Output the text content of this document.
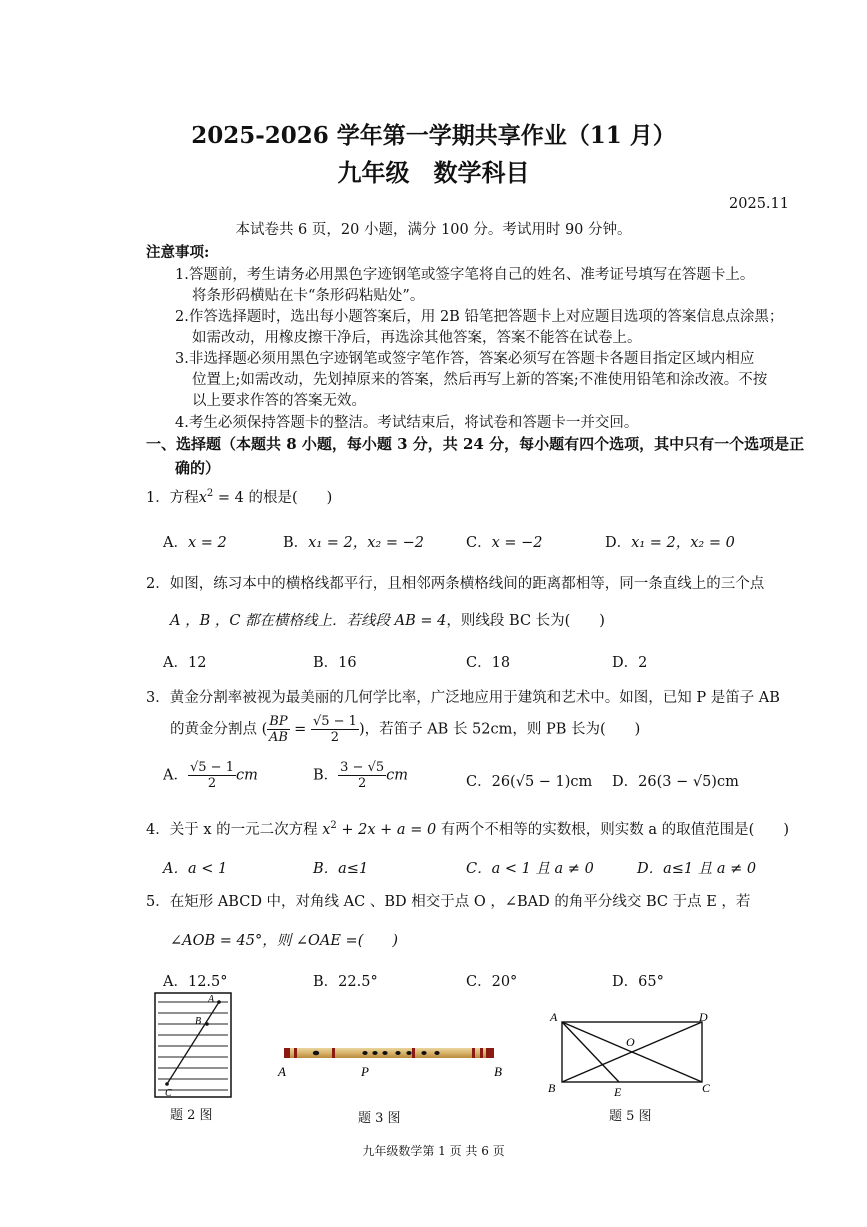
2025-2026 学年第一学期共享作业（11 月）
九年级　数学科目
2025.11
本试卷共 6 页，20 小题，满分 100 分。考试用时 90 分钟。
注意事项:
1.答题前，考生请务必用黑色字迹钢笔或签字笔将自己的姓名、准考证号填写在答题卡上。
将条形码横贴在卡“条形码粘贴处”。
2.作答选择题时，选出每小题答案后，用 2B 铅笔把答题卡上对应题目选项的答案信息点涂黑；
如需改动，用橡皮擦干净后，再选涂其他答案，答案不能答在试卷上。
3.非选择题必须用黑色字迹钢笔或签字笔作答，答案必须写在答题卡各题目指定区域内相应
位置上;如需改动，先划掉原来的答案，然后再写上新的答案;不准使用铅笔和涂改液。不按
以上要求作答的答案无效。
4.考生必须保持答题卡的整洁。考试结束后，将试卷和答题卡一并交回。
一、选择题（本题共 8 小题，每小题 3 分，共 24 分，每小题有四个选项，其中只有一个选项是正
确的）
1．方程$x^2 = 4$ 的根是(　　)
A．x = 2	B．x₁ = 2，x₂ = −2	C．x = −2	D．x₁ = 2，x₂ = 0
2．如图，练习本中的横格线都平行，且相邻两条横格线间的距离都相等，同一条直线上的三个点
A ，B ，C 都在横格线上．若线段 AB = 4，则线段 BC 长为(　　)
A．12	B．16	C．18	D．2
3．黄金分割率被视为最美丽的几何学比率，广泛地应用于建筑和艺术中。如图，已知 P 是笛子 AB
的黄金分割点 ( $\frac{BP}{AB} = \frac{√5 - 1}{2}$ )，若笛子 AB 长 52cm，则 PB 长为(　　)
A． $\frac{√5 - 1}{2}$ cm	B． $\frac{3 - √5}{2}$ cm	C．26(√5 − 1)cm D．26(3 − √5)cm
4．关于 x 的一元二次方程 $x^2 + 2x + a = 0$ 有两个不相等的实数根，则实数 a 的取值范围是(　　)
A．a < 1	B．a≤1	C．a < 1 且 a ≠ 0	D．a≤1 且 a ≠ 0
5．在矩形 ABCD 中，对角线 AC 、BD 相交于点 O ，∠BAD 的角平分线交 BC 于点 E ，若
∠AOB = 45°，则 ∠OAE =(　　)
A．12.5°	B．22.5°	C．20°	D．65°
A
B
C
题 2 图
A	P	B
题 3 图
A	D
O
B	E	C
题 5 图
九年级数学第 1 页 共 6 页
